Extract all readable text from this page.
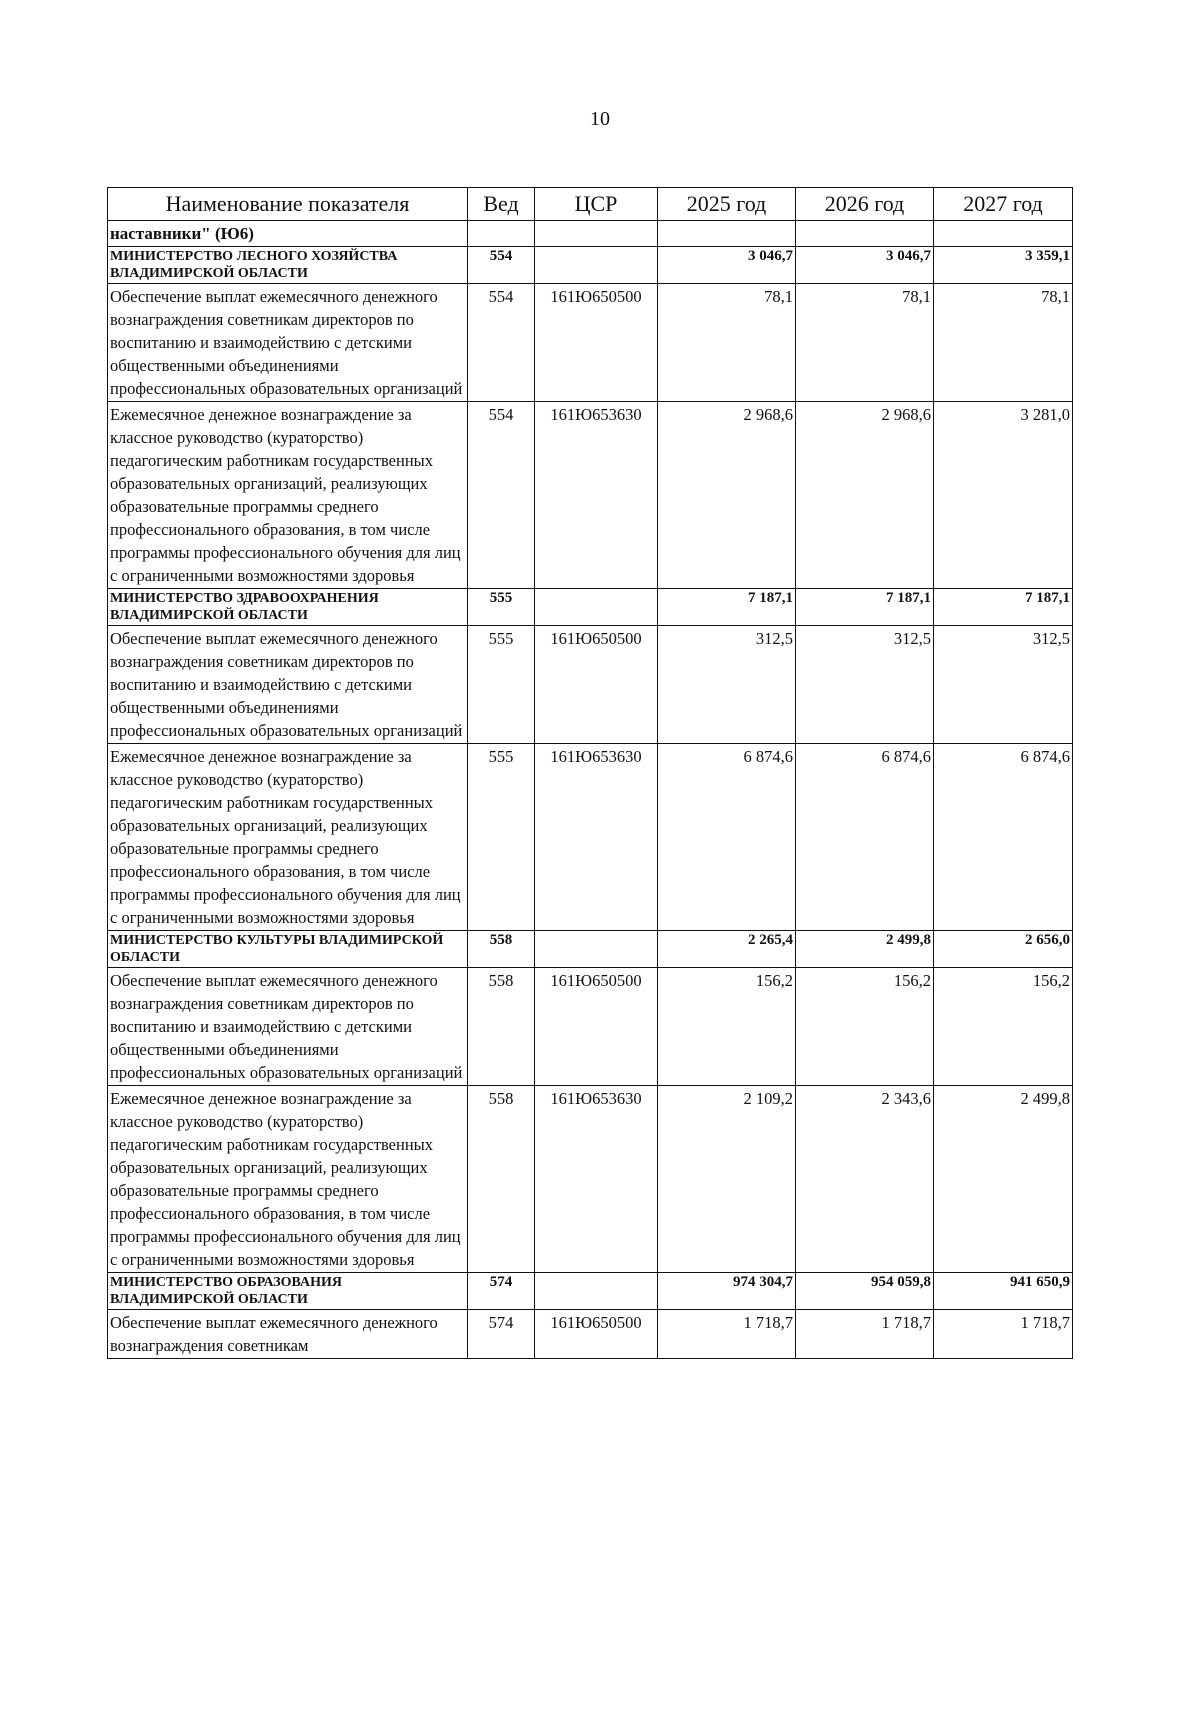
10
Наименование показателя	Вед	ЦСР	2025 год	2026 год	2027 год
наставники" (Ю6)					
МИНИСТЕРСТВО ЛЕСНОГО ХОЗЯЙСТВА ВЛАДИМИРСКОЙ ОБЛАСТИ	554		3 046,7	3 046,7	3 359,1
Обеспечение выплат ежемесячного денежного вознаграждения советникам директоров по воспитанию и взаимодействию с детскими общественными объединениями профессиональных образовательных организаций	554	161Ю650500	78,1	78,1	78,1
Ежемесячное денежное вознаграждение за классное руководство (кураторство) педагогическим работникам государственных образовательных организаций, реализующих образовательные программы среднего профессионального образования, в том числе программы профессионального обучения для лиц с ограниченными возможностями здоровья	554	161Ю653630	2 968,6	2 968,6	3 281,0
МИНИСТЕРСТВО ЗДРАВООХРАНЕНИЯ ВЛАДИМИРСКОЙ ОБЛАСТИ	555		7 187,1	7 187,1	7 187,1
Обеспечение выплат ежемесячного денежного вознаграждения советникам директоров по воспитанию и взаимодействию с детскими общественными объединениями профессиональных образовательных организаций	555	161Ю650500	312,5	312,5	312,5
Ежемесячное денежное вознаграждение за классное руководство (кураторство) педагогическим работникам государственных образовательных организаций, реализующих образовательные программы среднего профессионального образования, в том числе программы профессионального обучения для лиц с ограниченными возможностями здоровья	555	161Ю653630	6 874,6	6 874,6	6 874,6
МИНИСТЕРСТВО КУЛЬТУРЫ ВЛАДИМИРСКОЙ ОБЛАСТИ	558		2 265,4	2 499,8	2 656,0
Обеспечение выплат ежемесячного денежного вознаграждения советникам директоров по воспитанию и взаимодействию с детскими общественными объединениями профессиональных образовательных организаций	558	161Ю650500	156,2	156,2	156,2
Ежемесячное денежное вознаграждение за классное руководство (кураторство) педагогическим работникам государственных образовательных организаций, реализующих образовательные программы среднего профессионального образования, в том числе программы профессионального обучения для лиц с ограниченными возможностями здоровья	558	161Ю653630	2 109,2	2 343,6	2 499,8
МИНИСТЕРСТВО ОБРАЗОВАНИЯ ВЛАДИМИРСКОЙ ОБЛАСТИ	574		974 304,7	954 059,8	941 650,9
Обеспечение выплат ежемесячного денежного вознаграждения советникам	574	161Ю650500	1 718,7	1 718,7	1 718,7
